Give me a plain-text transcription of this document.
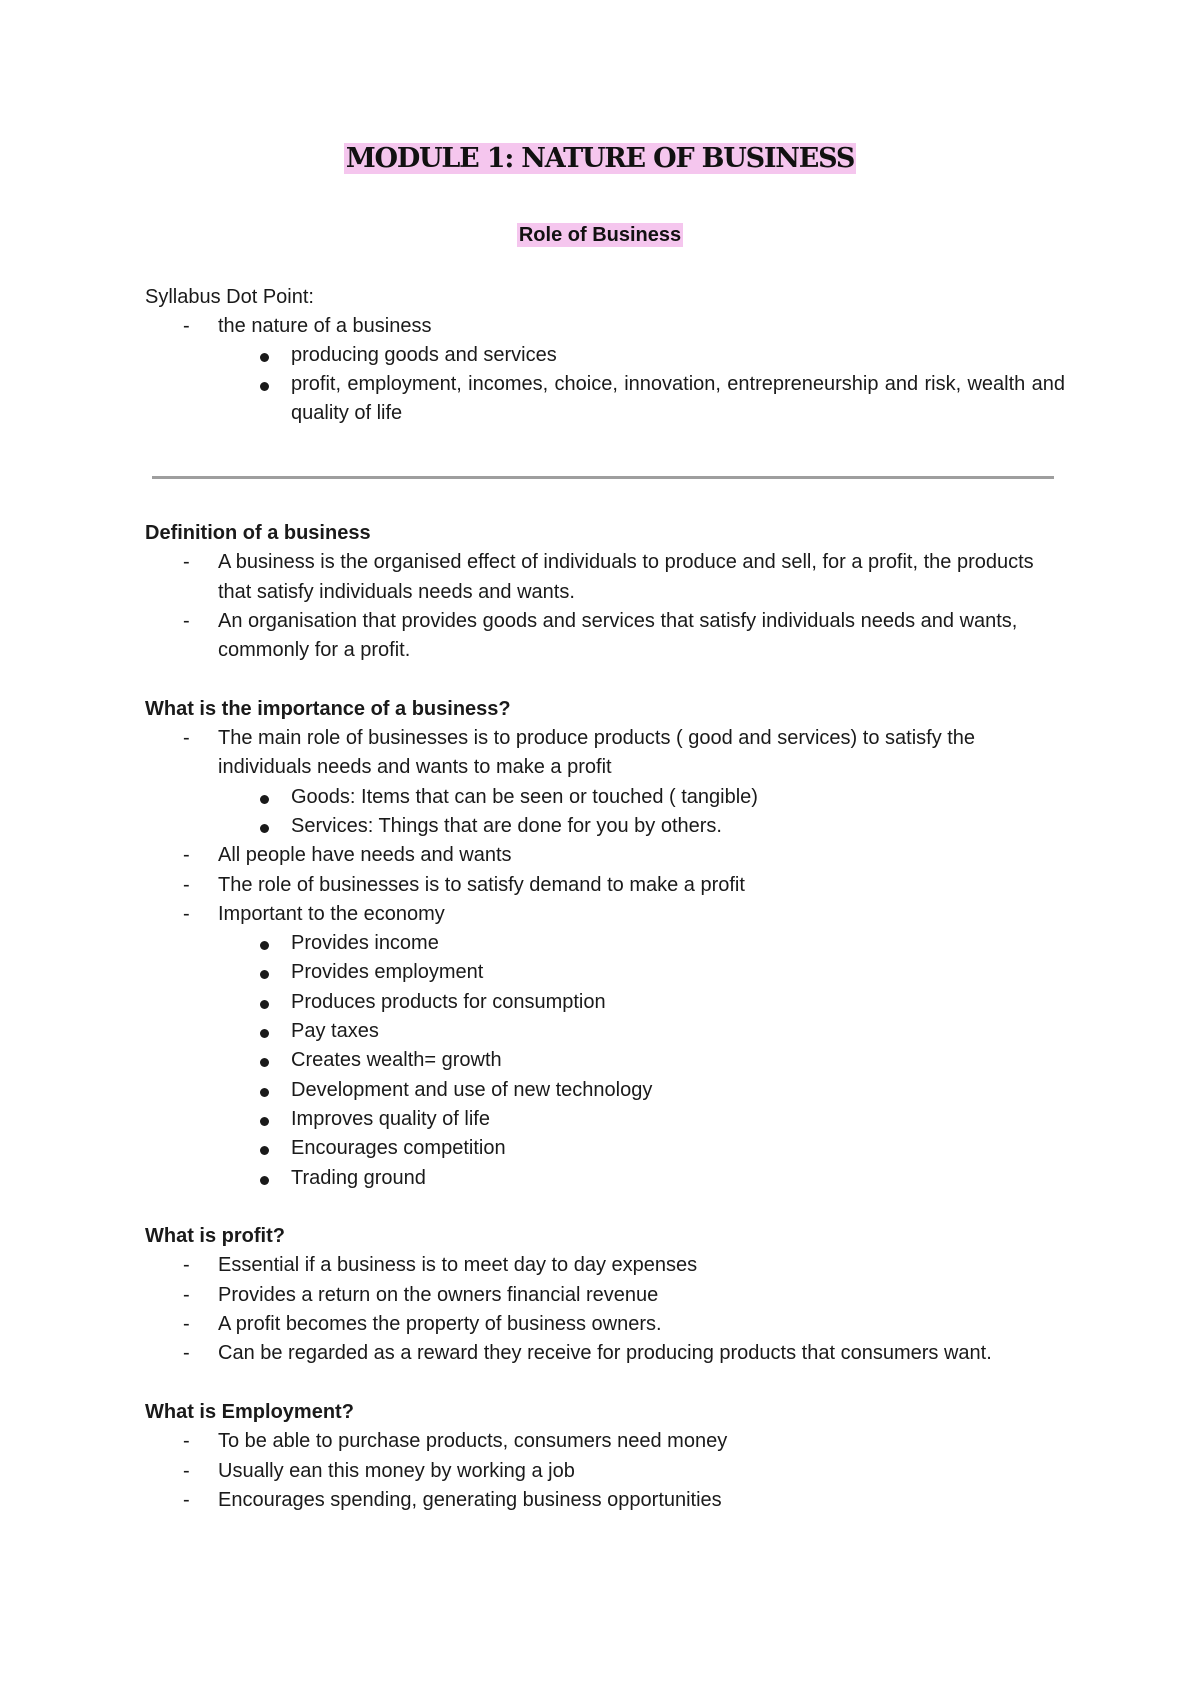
MODULE 1: NATURE OF BUSINESS
Role of Business

Syllabus Dot Point:

- the nature of a business
producing goods and services
profit, employment, incomes, choice, innovation, entrepreneurship and risk, wealth and quality of life

Definition of a business

- A business is the organised effect of individuals to produce and sell, for a profit, the products that satisfy individuals needs and wants.
- An organisation that provides goods and services that satisfy individuals needs and wants, commonly for a profit.

What is the importance of a business?

- The main role of businesses is to produce products ( good and services) to satisfy the individuals needs and wants to make a profit
Goods: Items that can be seen or touched ( tangible)
Services: Things that are done for you by others.
- All people have needs and wants
- The role of businesses is to satisfy demand to make a profit
- Important to the economy
Provides income
Provides employment
Produces products for consumption
Pay taxes
Creates wealth= growth
Development and use of new technology
Improves quality of life
Encourages competition
Trading ground

What is profit?

- Essential if a business is to meet day to day expenses
- Provides a return on the owners financial revenue
- A profit becomes the property of business owners.
- Can be regarded as a reward they receive for producing products that consumers want.

What is Employment?

- To be able to purchase products, consumers need money
- Usually ean this money by working a job
- Encourages spending, generating business opportunities
